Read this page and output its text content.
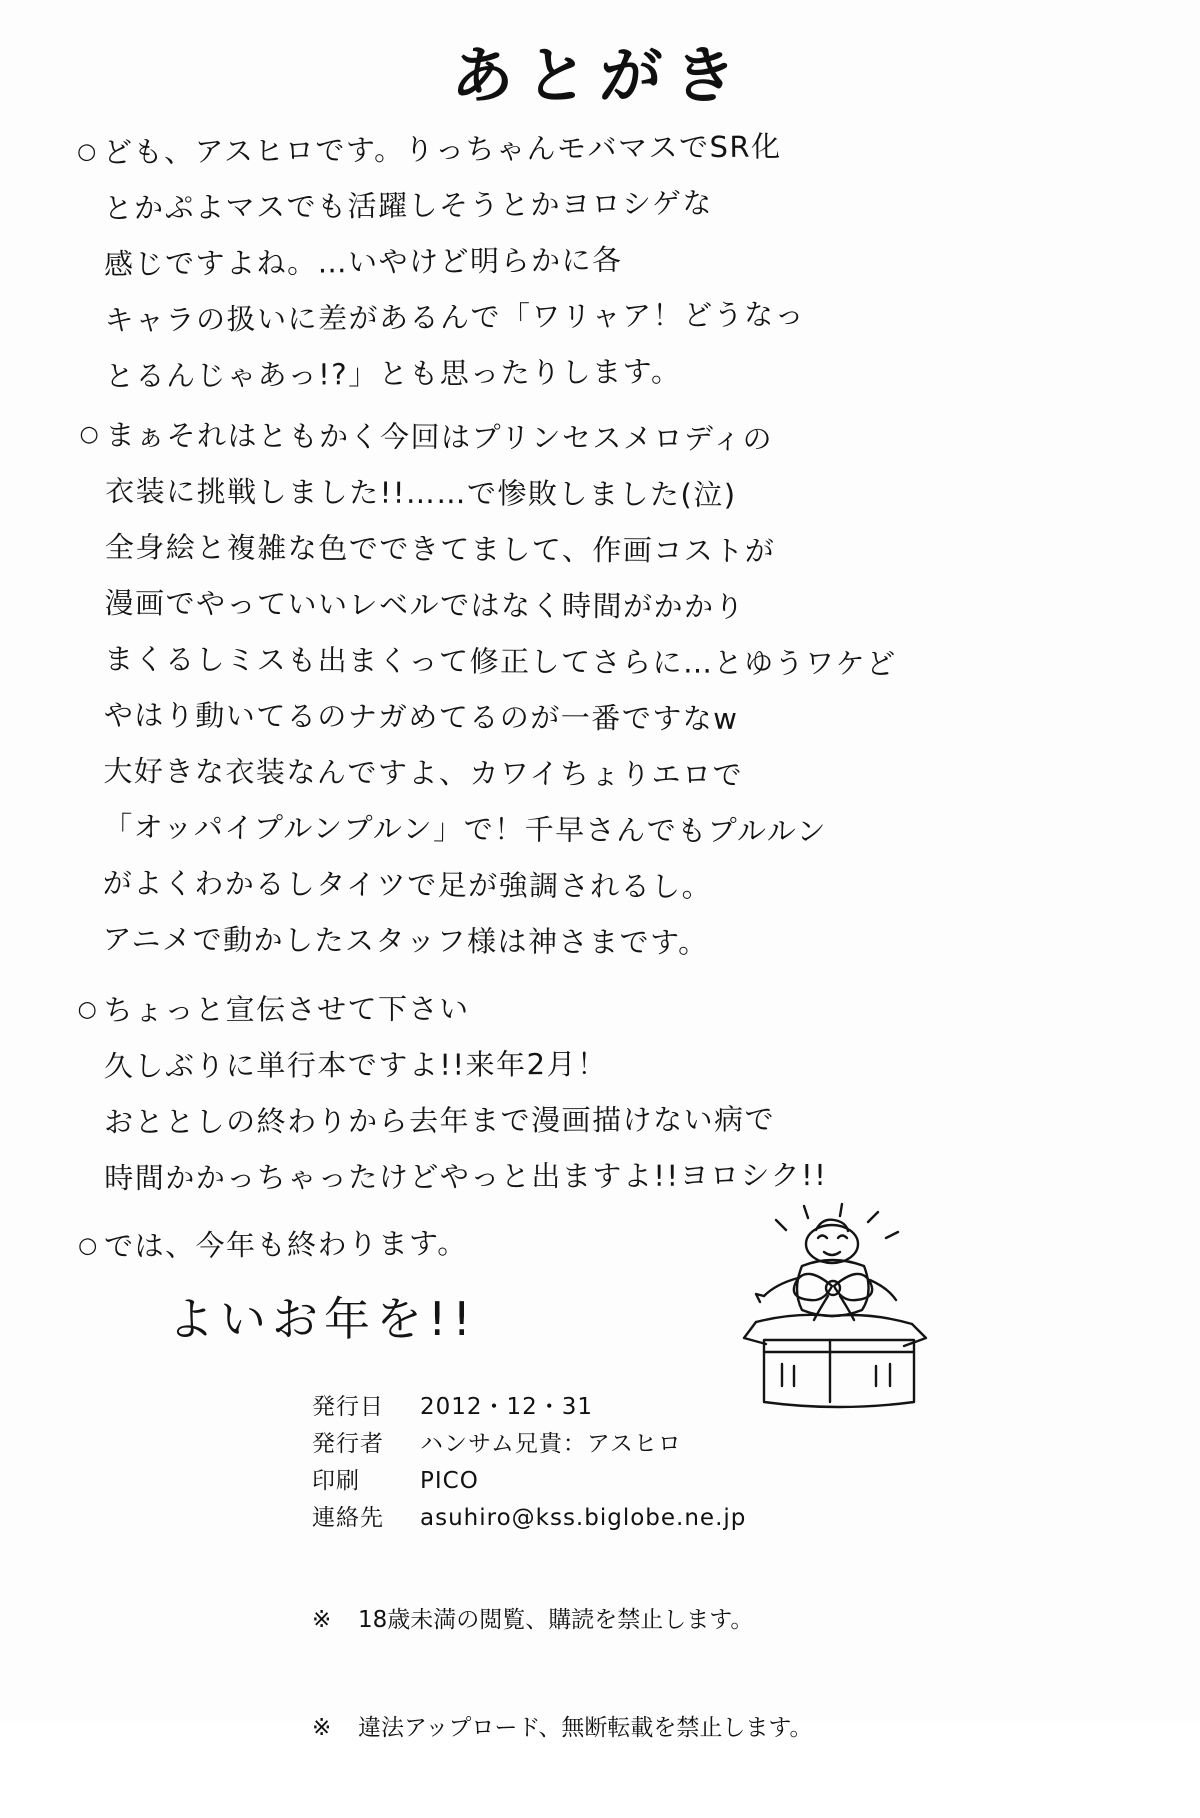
あとがき
○ ども、アスヒロです。りっちゃんモバマスでSR化
とかぷよマスでも活躍しそうとかヨロシゲな
感じですよね。…いやけど明らかに各
キャラの扱いに差があるんで「ワリャア！どうなっ
とるんじゃあっ!?」とも思ったりします。
○ まぁそれはともかく今回はプリンセスメロディの
衣装に挑戦しました!!……で惨敗しました(泣)
全身絵と複雑な色でできてまして、作画コストが
漫画でやっていいレベルではなく時間がかかり
まくるしミスも出まくって修正してさらに…とゆうワケど
やはり動いてるのナガめてるのが一番ですなw
大好きな衣装なんですよ、カワイちょりエロで
「オッパイプルンプルン」で！千早さんでもプルルン
がよくわかるしタイツで足が強調されるし。
アニメで動かしたスタッフ様は神さまです。
○ ちょっと宣伝させて下さい
久しぶりに単行本ですよ!!来年2月！
おととしの終わりから去年まで漫画描けない病で
時間かかっちゃったけどやっと出ますよ!!ヨロシク!!
○ では、今年も終わります。
よいお年を!!
発行日	2012・12・31
発行者	ハンサム兄貴：アスヒロ
印刷	PICO
連絡先	asuhiro@kss.biglobe.ne.jp

※ 18歳未満の閲覧、購読を禁止します。

※ 違法アップロード、無断転載を禁止します。
